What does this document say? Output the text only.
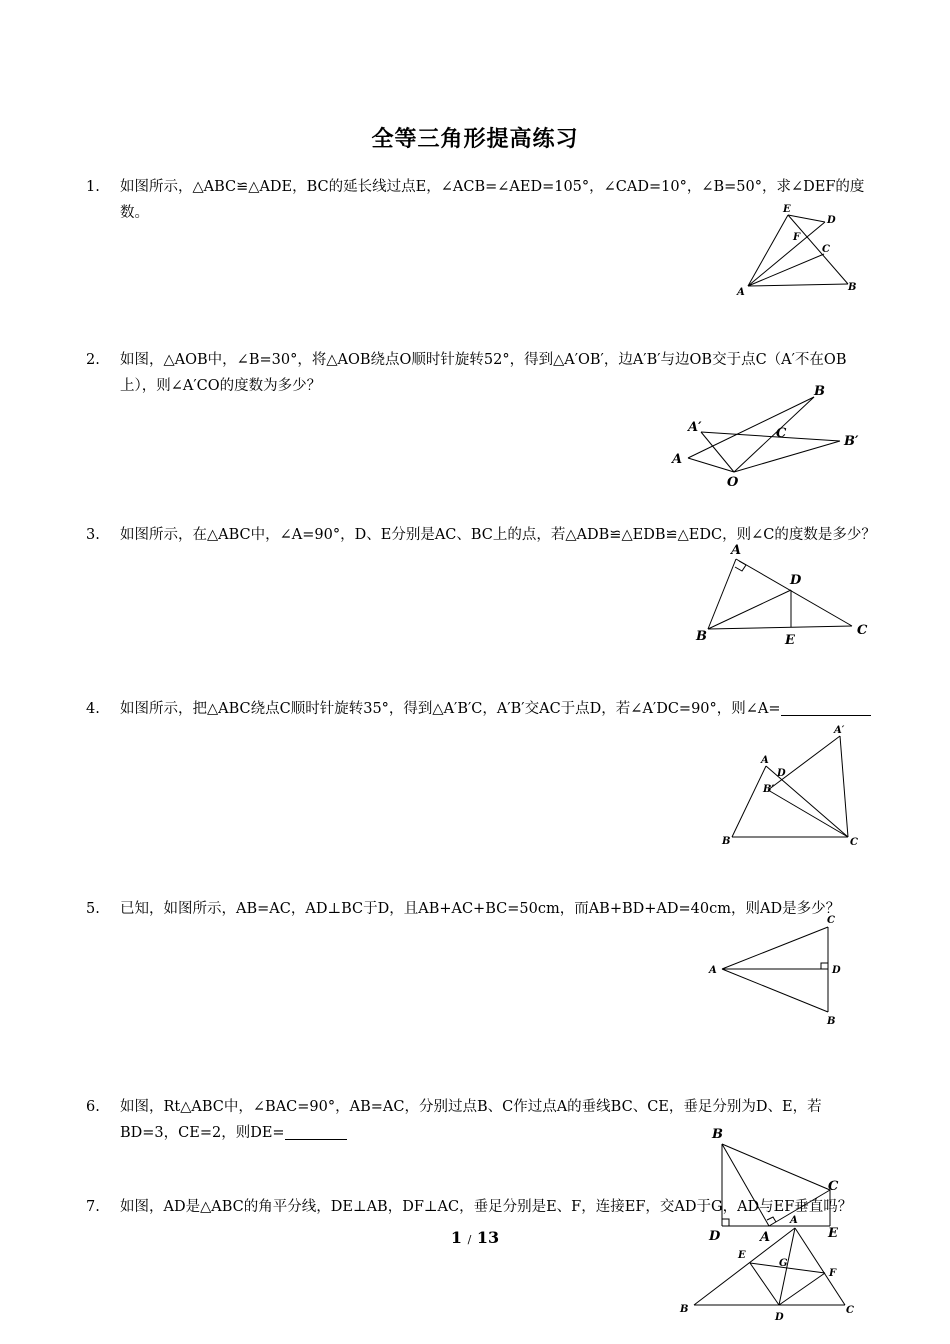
全等三角形提高练习
1. 如图所示，△ABC≌△ADE，BC的延长线过点E，∠ACB=∠AED=105°，∠CAD=10°，∠B=50°，求∠DEF的度数。	E
D
F
C
A	B
2. 如图，△AOB中，∠B=30°，将△AOB绕点O顺时针旋转52°，得到△A′OB′，边A′B′与边OB交于点C（A′不在OB上），则∠A′CO的度数为多少？	B
A′	C
B′
A
O
3. 如图所示，在△ABC中，∠A=90°，D、E分别是AC、BC上的点，若△ADB≌△EDB≌△EDC，则∠C的度数是多少？
A
D
B	E
C
4. 如图所示，把△ABC绕点C顺时针旋转35°，得到△A′B′C，A′B′交AC于点D，若∠A′DC=90°，则∠A=
A′
A
D
B′
B	C
5. 已知，如图所示，AB=AC，AD⊥BC于D，且AB+AC+BC=50cm，而AB+BD+AD=40cm，则AD是多少？
C
A	D
B
6. 如图，Rt△ABC中，∠BAC=90°，AB=AC，分别过点B、C作过点A的垂线BC、CE，垂足分别为D、E，若BD=3，CE=2，则DE=	B
C
A
D	E
7. 如图，AD是△ABC的角平分线，DE⊥AB，DF⊥AC，垂足分别是E、F，连接EF，交AD于G，AD与EF垂直吗？
A
E
G
F
B
D
C
1 / 13
